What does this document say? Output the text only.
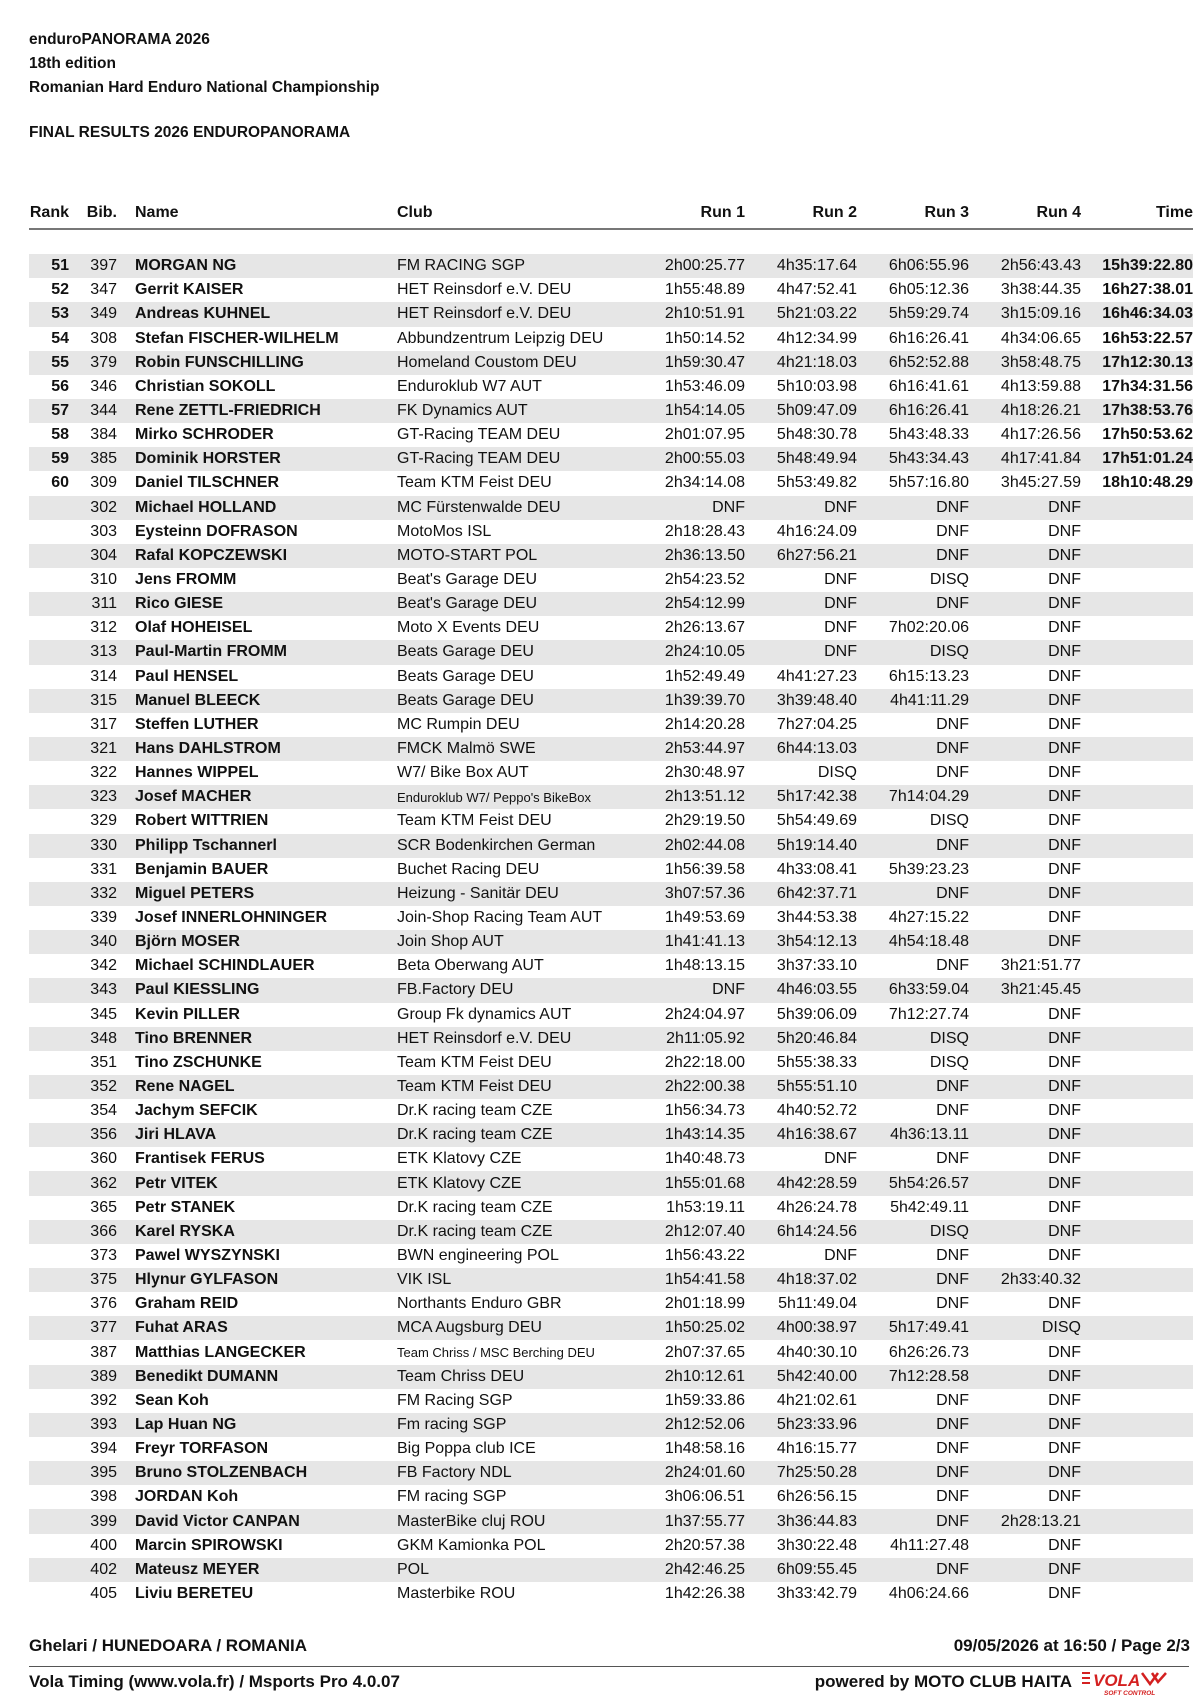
enduroPANORAMA 2026
18th edition
Romanian Hard Enduro National Championship
FINAL RESULTS 2026 ENDUROPANORAMA
Rank	Bib.	Name	Club	Run 1	Run 2	Run 3	Run 4	Time

51	397	MORGAN NG	FM RACING SGP	2h00:25.77	4h35:17.64	6h06:55.96	2h56:43.43	15h39:22.80
52	347	Gerrit KAISER	HET Reinsdorf e.V. DEU	1h55:48.89	4h47:52.41	6h05:12.36	3h38:44.35	16h27:38.01
53	349	Andreas KUHNEL	HET Reinsdorf e.V. DEU	2h10:51.91	5h21:03.22	5h59:29.74	3h15:09.16	16h46:34.03
54	308	Stefan FISCHER-WILHELM	Abbundzentrum Leipzig DEU	1h50:14.52	4h12:34.99	6h16:26.41	4h34:06.65	16h53:22.57
55	379	Robin FUNSCHILLING	Homeland Coustom DEU	1h59:30.47	4h21:18.03	6h52:52.88	3h58:48.75	17h12:30.13
56	346	Christian SOKOLL	Enduroklub W7 AUT	1h53:46.09	5h10:03.98	6h16:41.61	4h13:59.88	17h34:31.56
57	344	Rene ZETTL-FRIEDRICH	FK Dynamics AUT	1h54:14.05	5h09:47.09	6h16:26.41	4h18:26.21	17h38:53.76
58	384	Mirko SCHRODER	GT-Racing TEAM DEU	2h01:07.95	5h48:30.78	5h43:48.33	4h17:26.56	17h50:53.62
59	385	Dominik HORSTER	GT-Racing TEAM DEU	2h00:55.03	5h48:49.94	5h43:34.43	4h17:41.84	17h51:01.24
60	309	Daniel TILSCHNER	Team KTM Feist DEU	2h34:14.08	5h53:49.82	5h57:16.80	3h45:27.59	18h10:48.29
	302	Michael HOLLAND	MC Fürstenwalde DEU	DNF	DNF	DNF	DNF	
	303	Eysteinn DOFRASON	MotoMos ISL	2h18:28.43	4h16:24.09	DNF	DNF	
	304	Rafal KOPCZEWSKI	MOTO-START POL	2h36:13.50	6h27:56.21	DNF	DNF	
	310	Jens FROMM	Beat's Garage DEU	2h54:23.52	DNF	DISQ	DNF	
	311	Rico GIESE	Beat's Garage DEU	2h54:12.99	DNF	DNF	DNF	
	312	Olaf HOHEISEL	Moto X Events DEU	2h26:13.67	DNF	7h02:20.06	DNF	
	313	Paul-Martin FROMM	Beats Garage DEU	2h24:10.05	DNF	DISQ	DNF	
	314	Paul HENSEL	Beats Garage DEU	1h52:49.49	4h41:27.23	6h15:13.23	DNF	
	315	Manuel BLEECK	Beats Garage DEU	1h39:39.70	3h39:48.40	4h41:11.29	DNF	
	317	Steffen LUTHER	MC Rumpin DEU	2h14:20.28	7h27:04.25	DNF	DNF	
	321	Hans DAHLSTROM	FMCK Malmö SWE	2h53:44.97	6h44:13.03	DNF	DNF	
	322	Hannes WIPPEL	W7/ Bike Box AUT	2h30:48.97	DISQ	DNF	DNF	
	323	Josef MACHER	Enduroklub W7/ Peppo's BikeBox	2h13:51.12	5h17:42.38	7h14:04.29	DNF	
	329	Robert WITTRIEN	Team KTM Feist DEU	2h29:19.50	5h54:49.69	DISQ	DNF	
	330	Philipp Tschannerl	SCR Bodenkirchen German	2h02:44.08	5h19:14.40	DNF	DNF	
	331	Benjamin BAUER	Buchet Racing DEU	1h56:39.58	4h33:08.41	5h39:23.23	DNF	
	332	Miguel PETERS	Heizung - Sanitär DEU	3h07:57.36	6h42:37.71	DNF	DNF	
	339	Josef INNERLOHNINGER	Join-Shop Racing Team AUT	1h49:53.69	3h44:53.38	4h27:15.22	DNF	
	340	Björn MOSER	Join Shop AUT	1h41:41.13	3h54:12.13	4h54:18.48	DNF	
	342	Michael SCHINDLAUER	Beta Oberwang AUT	1h48:13.15	3h37:33.10	DNF	3h21:51.77	
	343	Paul KIESSLING	FB.Factory DEU	DNF	4h46:03.55	6h33:59.04	3h21:45.45	
	345	Kevin PILLER	Group Fk dynamics AUT	2h24:04.97	5h39:06.09	7h12:27.74	DNF	
	348	Tino BRENNER	HET Reinsdorf e.V. DEU	2h11:05.92	5h20:46.84	DISQ	DNF	
	351	Tino ZSCHUNKE	Team KTM Feist DEU	2h22:18.00	5h55:38.33	DISQ	DNF	
	352	Rene NAGEL	Team KTM Feist DEU	2h22:00.38	5h55:51.10	DNF	DNF	
	354	Jachym SEFCIK	Dr.K racing team CZE	1h56:34.73	4h40:52.72	DNF	DNF	
	356	Jiri HLAVA	Dr.K racing team CZE	1h43:14.35	4h16:38.67	4h36:13.11	DNF	
	360	Frantisek FERUS	ETK Klatovy CZE	1h40:48.73	DNF	DNF	DNF	
	362	Petr VITEK	ETK Klatovy CZE	1h55:01.68	4h42:28.59	5h54:26.57	DNF	
	365	Petr STANEK	Dr.K racing team CZE	1h53:19.11	4h26:24.78	5h42:49.11	DNF	
	366	Karel RYSKA	Dr.K racing team CZE	2h12:07.40	6h14:24.56	DISQ	DNF	
	373	Pawel WYSZYNSKI	BWN engineering POL	1h56:43.22	DNF	DNF	DNF	
	375	Hlynur GYLFASON	VIK ISL	1h54:41.58	4h18:37.02	DNF	2h33:40.32	
	376	Graham REID	Northants Enduro GBR	2h01:18.99	5h11:49.04	DNF	DNF	
	377	Fuhat ARAS	MCA Augsburg DEU	1h50:25.02	4h00:38.97	5h17:49.41	DISQ	
	387	Matthias LANGECKER	Team Chriss / MSC Berching DEU	2h07:37.65	4h40:30.10	6h26:26.73	DNF	
	389	Benedikt DUMANN	Team Chriss DEU	2h10:12.61	5h42:40.00	7h12:28.58	DNF	
	392	Sean Koh	FM Racing SGP	1h59:33.86	4h21:02.61	DNF	DNF	
	393	Lap Huan NG	Fm racing SGP	2h12:52.06	5h23:33.96	DNF	DNF	
	394	Freyr TORFASON	Big Poppa club ICE	1h48:58.16	4h16:15.77	DNF	DNF	
	395	Bruno STOLZENBACH	FB Factory NDL	2h24:01.60	7h25:50.28	DNF	DNF	
	398	JORDAN Koh	FM racing SGP	3h06:06.51	6h26:56.15	DNF	DNF	
	399	David Victor CANPAN	MasterBike cluj ROU	1h37:55.77	3h36:44.83	DNF	2h28:13.21	
	400	Marcin SPIROWSKI	GKM Kamionka POL	2h20:57.38	3h30:22.48	4h11:27.48	DNF	
	402	Mateusz MEYER	POL	2h42:46.25	6h09:55.45	DNF	DNF	
	405	Liviu BERETEU	Masterbike ROU	1h42:26.38	3h33:42.79	4h06:24.66	DNF	
Ghelari / HUNEDOARA / ROMANIA	09/05/2026 at 16:50 / Page 2/3
Vola Timing (www.vola.fr) / Msports Pro 4.0.07	powered by MOTO CLUB HAITA VOLA
SOFT CONTROL
